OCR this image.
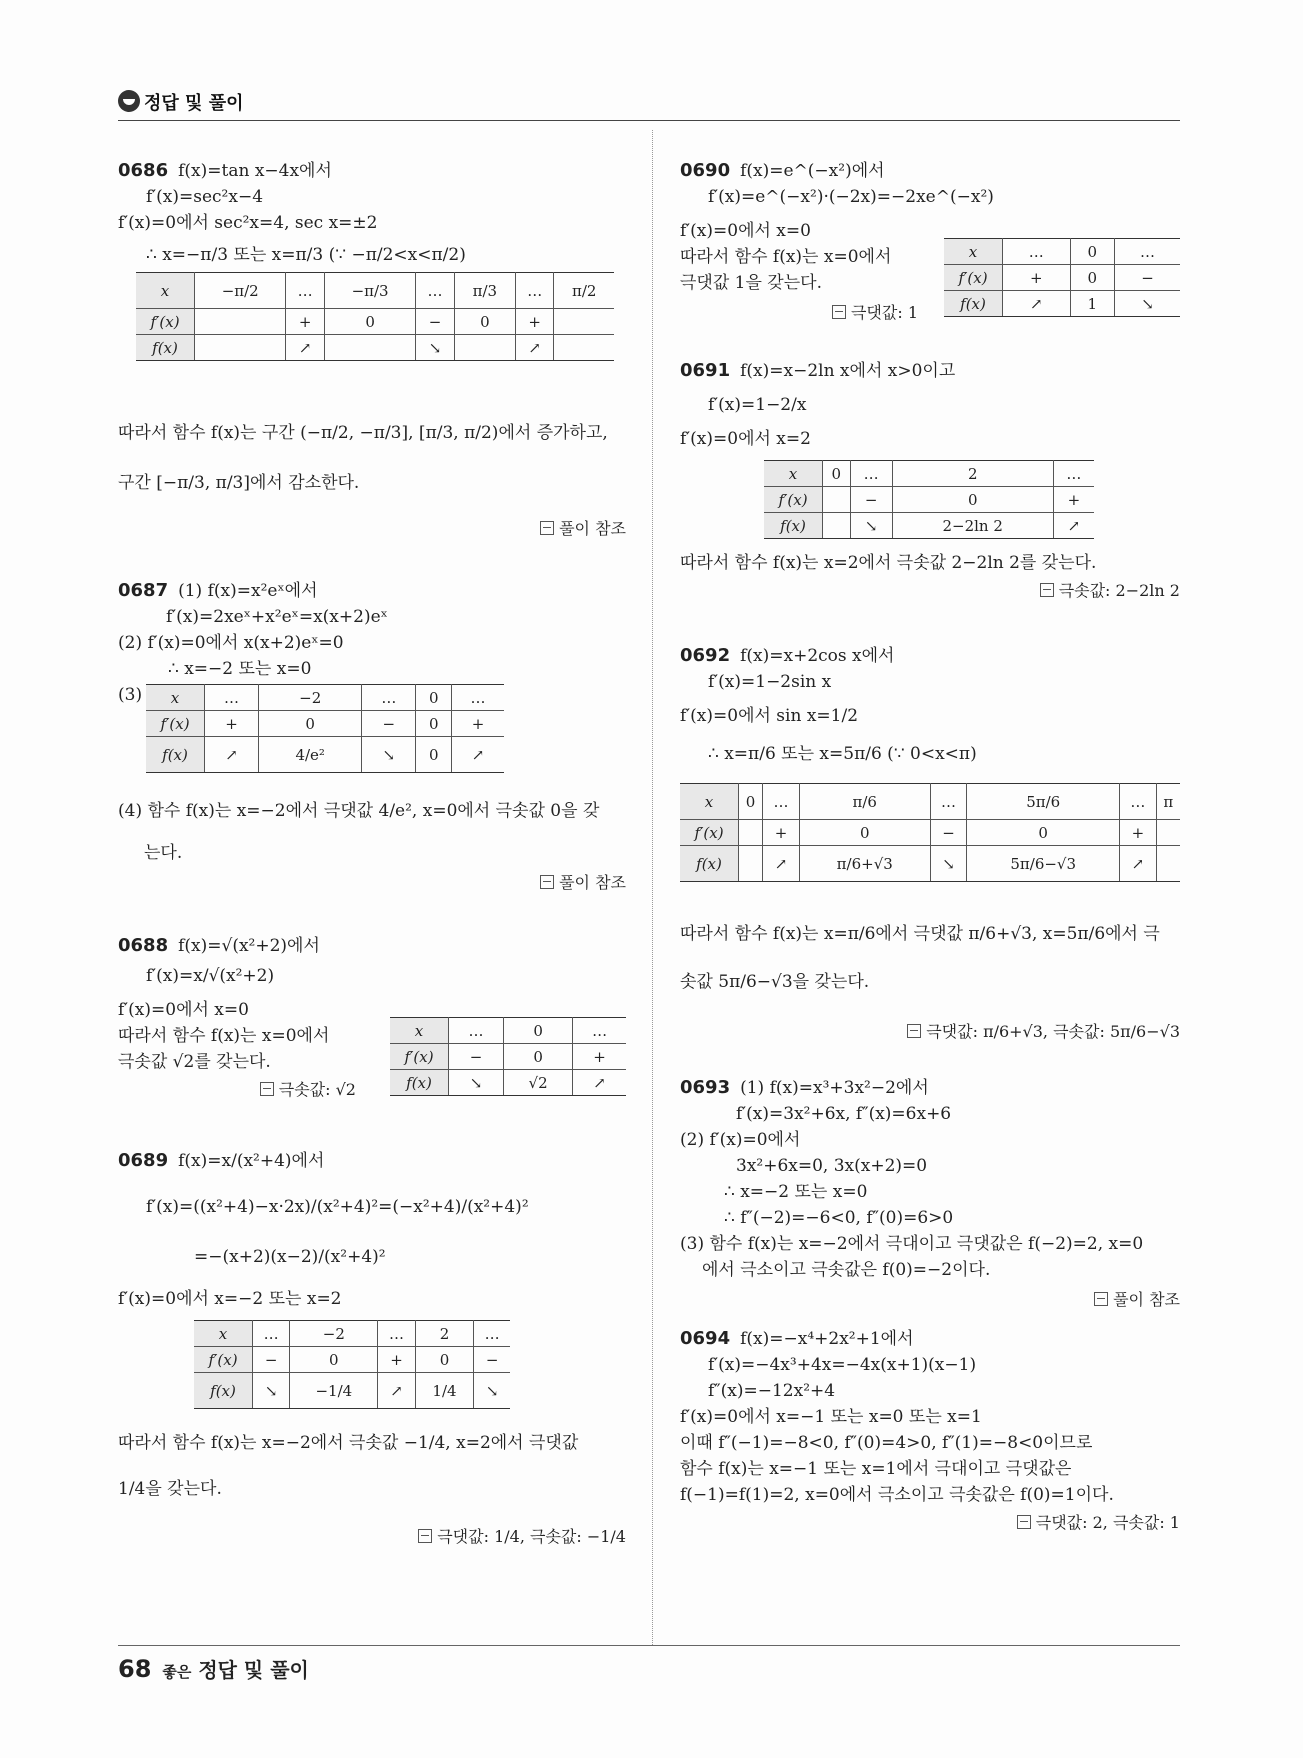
정답 및 풀이
0686 f(x)=tan x−4x에서
f′(x)=sec²x−4
f′(x)=0에서 sec²x=4, sec x=±2
∴ x=−π/3 또는 x=π/3 (∵ −π/2<x<π/2)
x	−π/2	…	−π/3	…	π/3	…	π/2
f′(x)		+	0	−	0	+	
f(x)		↗		↘		↗	
따라서 함수 f(x)는 구간 (−π/2, −π/3], [π/3, π/2)에서 증가하고,
구간 [−π/3, π/3]에서 감소한다.
풀이 참조
0687 (1) f(x)=x²eˣ에서
f′(x)=2xeˣ+x²eˣ=x(x+2)eˣ
(2) f′(x)=0에서 x(x+2)eˣ=0
∴ x=−2 또는 x=0
(3) x	…	−2	…	0	…
f′(x)	+	0	−	0	+
f(x)	↗	4/e²	↘	0	↗
(4) 함수 f(x)는 x=−2에서 극댓값 4/e², x=0에서 극솟값 0을 갖
는다.
풀이 참조
0688 f(x)=√(x²+2)에서
f′(x)=x/√(x²+2)
f′(x)=0에서 x=0
따라서 함수 f(x)는 x=0에서
극솟값 √2를 갖는다.
x	…	0	…
f′(x)	−	0	+
f(x)	↘	√2	↗
극솟값: √2
0689 f(x)=x/(x²+4)에서
f′(x)=((x²+4)−x·2x)/(x²+4)²=(−x²+4)/(x²+4)²
=−(x+2)(x−2)/(x²+4)²
f′(x)=0에서 x=−2 또는 x=2
x	…	−2	…	2	…
f′(x)	−	0	+	0	−
f(x)	↘	−1/4	↗	1/4	↘
따라서 함수 f(x)는 x=−2에서 극솟값 −1/4, x=2에서 극댓값
1/4을 갖는다.
극댓값: 1/4, 극솟값: −1/4
0690 f(x)=e^(−x²)에서
f′(x)=e^(−x²)·(−2x)=−2xe^(−x²)
f′(x)=0에서 x=0
따라서 함수 f(x)는 x=0에서
극댓값 1을 갖는다.
x	…	0	…
f′(x)	+	0	−
f(x)	↗	1	↘
극댓값: 1
0691 f(x)=x−2ln x에서 x>0이고
f′(x)=1−2/x
f′(x)=0에서 x=2
x	0	…	2	…
f′(x)		−	0	+
f(x)		↘	2−2ln 2	↗
따라서 함수 f(x)는 x=2에서 극솟값 2−2ln 2를 갖는다.
극솟값: 2−2ln 2
0692 f(x)=x+2cos x에서
f′(x)=1−2sin x
f′(x)=0에서 sin x=1/2
∴ x=π/6 또는 x=5π/6 (∵ 0<x<π)
x	0	…	π/6	…	5π/6	…	π
f′(x)		+	0	−	0	+	
f(x)		↗	π/6+√3	↘	5π/6−√3	↗	
따라서 함수 f(x)는 x=π/6에서 극댓값 π/6+√3, x=5π/6에서 극
솟값 5π/6−√3을 갖는다.
극댓값: π/6+√3, 극솟값: 5π/6−√3
0693 (1) f(x)=x³+3x²−2에서
f′(x)=3x²+6x, f″(x)=6x+6
(2) f′(x)=0에서
3x²+6x=0, 3x(x+2)=0
∴ x=−2 또는 x=0
∴ f″(−2)=−6<0, f″(0)=6>0
(3) 함수 f(x)는 x=−2에서 극대이고 극댓값은 f(−2)=2, x=0
에서 극소이고 극솟값은 f(0)=−2이다.
풀이 참조
0694 f(x)=−x⁴+2x²+1에서
f′(x)=−4x³+4x=−4x(x+1)(x−1)
f″(x)=−12x²+4
f′(x)=0에서 x=−1 또는 x=0 또는 x=1
이때 f″(−1)=−8<0, f″(0)=4>0, f″(1)=−8<0이므로
함수 f(x)는 x=−1 또는 x=1에서 극대이고 극댓값은
f(−1)=f(1)=2, x=0에서 극소이고 극솟값은 f(0)=1이다.
극댓값: 2, 극솟값: 1
68 좋은 정답 및 풀이
